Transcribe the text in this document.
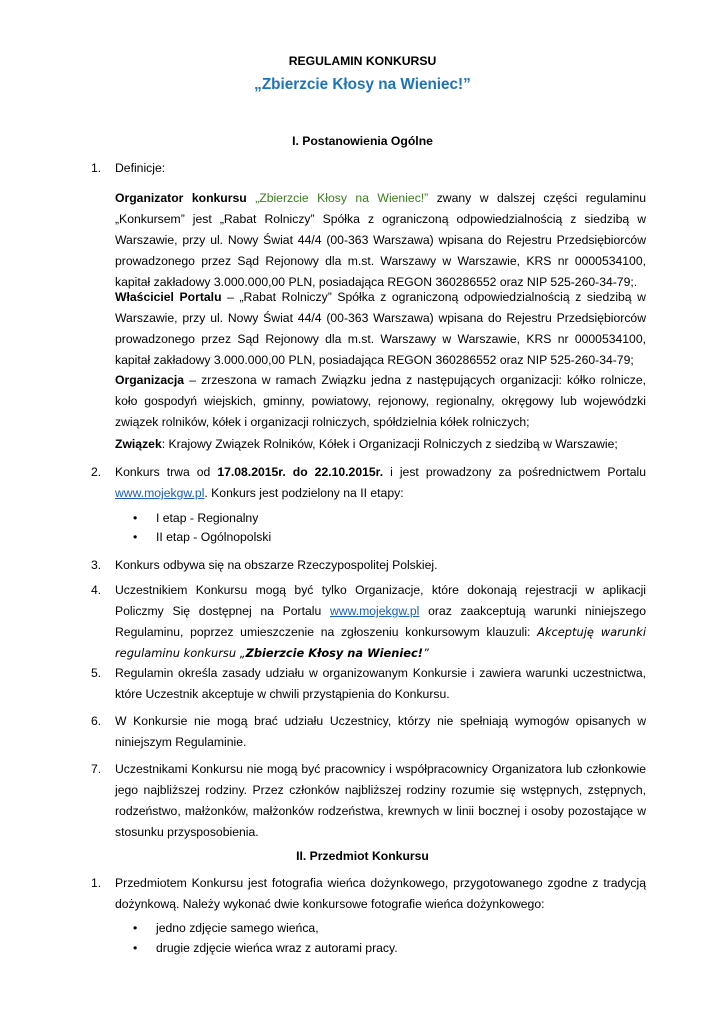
REGULAMIN KONKURSU
„Zbierzcie Kłosy na Wieniec!”
I. Postanowienia Ogólne
1. Definicje:
Organizator konkursu „Zbierzcie Kłosy na Wieniec!” zwany w dalszej części regulaminu „Konkursem” jest „Rabat Rolniczy” Spółka z ograniczoną odpowiedzialnością z siedzibą w Warszawie, przy ul. Nowy Świat 44/4 (00-363 Warszawa) wpisana do Rejestru Przedsiębiorców prowadzonego przez Sąd Rejonowy dla m.st. Warszawy w Warszawie, KRS nr 0000534100, kapitał zakładowy 3.000.000,00 PLN, posiadająca REGON 360286552 oraz NIP 525-260-34-79;.
Właściciel Portalu – „Rabat Rolniczy” Spółka z ograniczoną odpowiedzialnością z siedzibą w Warszawie, przy ul. Nowy Świat 44/4 (00-363 Warszawa) wpisana do Rejestru Przedsiębiorców prowadzonego przez Sąd Rejonowy dla m.st. Warszawy w Warszawie, KRS nr 0000534100, kapitał zakładowy 3.000.000,00 PLN, posiadająca REGON 360286552 oraz NIP 525-260-34-79;
Organizacja – zrzeszona w ramach Związku jedna z następujących organizacji: kółko rolnicze, koło gospodyń wiejskich, gminny, powiatowy, rejonowy, regionalny, okręgowy lub wojewódzki związek rolników, kółek i organizacji rolniczych, spółdzielnia kółek rolniczych;
Związek: Krajowy Związek Rolników, Kółek i Organizacji Rolniczych z siedzibą w Warszawie;
2. Konkurs trwa od 17.08.2015r. do 22.10.2015r. i jest prowadzony za pośrednictwem Portalu www.mojekgw.pl. Konkurs jest podzielony na II etapy:
• I etap - Regionalny
• II etap - Ogólnopolski
3. Konkurs odbywa się na obszarze Rzeczypospolitej Polskiej.
4. Uczestnikiem Konkursu mogą być tylko Organizacje, które dokonają rejestracji w aplikacji Policzmy Się dostępnej na Portalu www.mojekgw.pl oraz zaakceptują warunki niniejszego Regulaminu, poprzez umieszczenie na zgłoszeniu konkursowym klauzuli: Akceptuję warunki regulaminu konkursu „Zbierzcie Kłosy na Wieniec!”
5. Regulamin określa zasady udziału w organizowanym Konkursie i zawiera warunki uczestnictwa, które Uczestnik akceptuje w chwili przystąpienia do Konkursu.
6. W Konkursie nie mogą brać udziału Uczestnicy, którzy nie spełniają wymogów opisanych w niniejszym Regulaminie.
7. Uczestnikami Konkursu nie mogą być pracownicy i współpracownicy Organizatora lub członkowie jego najbliższej rodziny. Przez członków najbliższej rodziny rozumie się wstępnych, zstępnych, rodzeństwo, małżonków, małżonków rodzeństwa, krewnych w linii bocznej i osoby pozostające w stosunku przysposobienia.
II. Przedmiot Konkursu
1. Przedmiotem Konkursu jest fotografia wieńca dożynkowego, przygotowanego zgodne z tradycją dożynkową. Należy wykonać dwie konkursowe fotografie wieńca dożynkowego:
• jedno zdjęcie samego wieńca,
• drugie zdjęcie wieńca wraz z autorami pracy.
